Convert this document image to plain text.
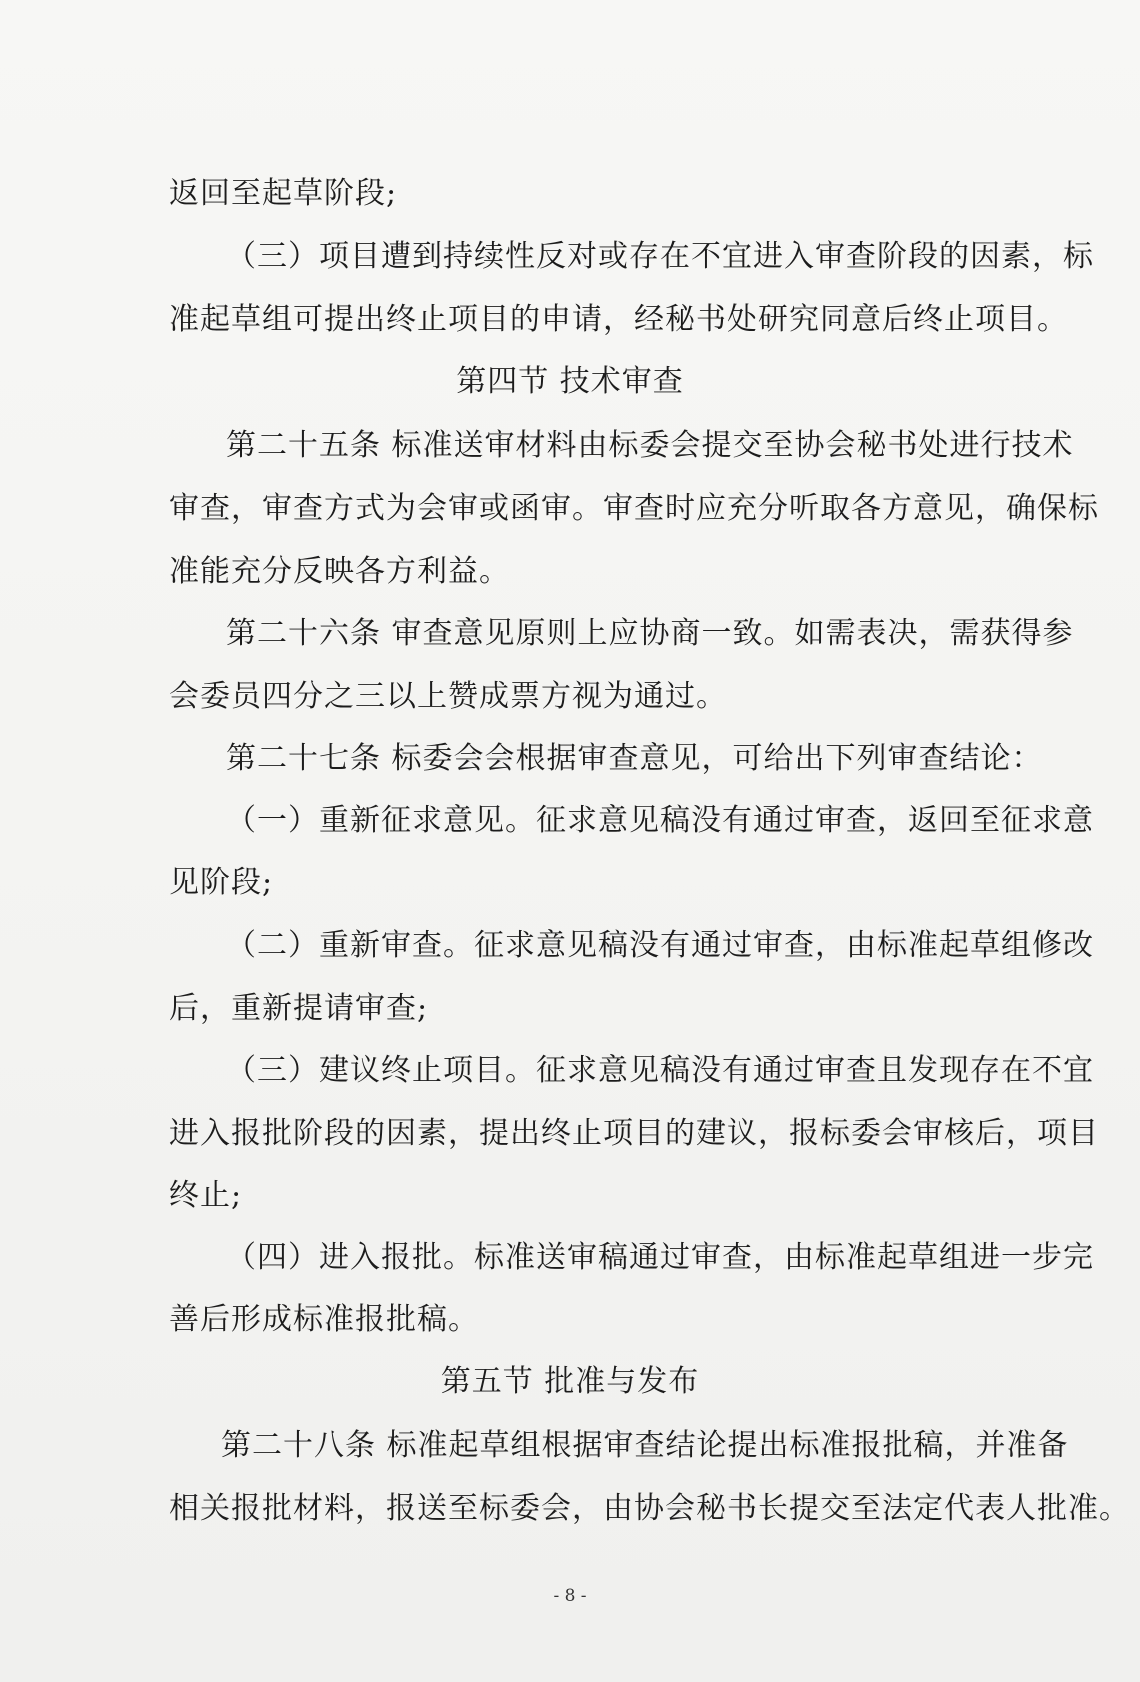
返回至起草阶段;
（三）项目遭到持续性反对或存在不宜进入审查阶段的因素，标
准起草组可提出终止项目的申请，经秘书处研究同意后终止项目。
第四节 技术审查
第二十五条 标准送审材料由标委会提交至协会秘书处进行技术
审查，审查方式为会审或函审。审查时应充分听取各方意见，确保标
准能充分反映各方利益。
第二十六条 审查意见原则上应协商一致。如需表决，需获得参
会委员四分之三以上赞成票方视为通过。
第二十七条 标委会会根据审查意见，可给出下列审查结论：
（一）重新征求意见。征求意见稿没有通过审查，返回至征求意
见阶段;
（二）重新审查。征求意见稿没有通过审查，由标准起草组修改
后，重新提请审查;
（三）建议终止项目。征求意见稿没有通过审查且发现存在不宜
进入报批阶段的因素，提出终止项目的建议，报标委会审核后，项目
终止;
（四）进入报批。标准送审稿通过审查，由标准起草组进一步完
善后形成标准报批稿。
第五节 批准与发布
第二十八条 标准起草组根据审查结论提出标准报批稿，并准备
相关报批材料，报送至标委会，由协会秘书长提交至法定代表人批准。
- 8 -
